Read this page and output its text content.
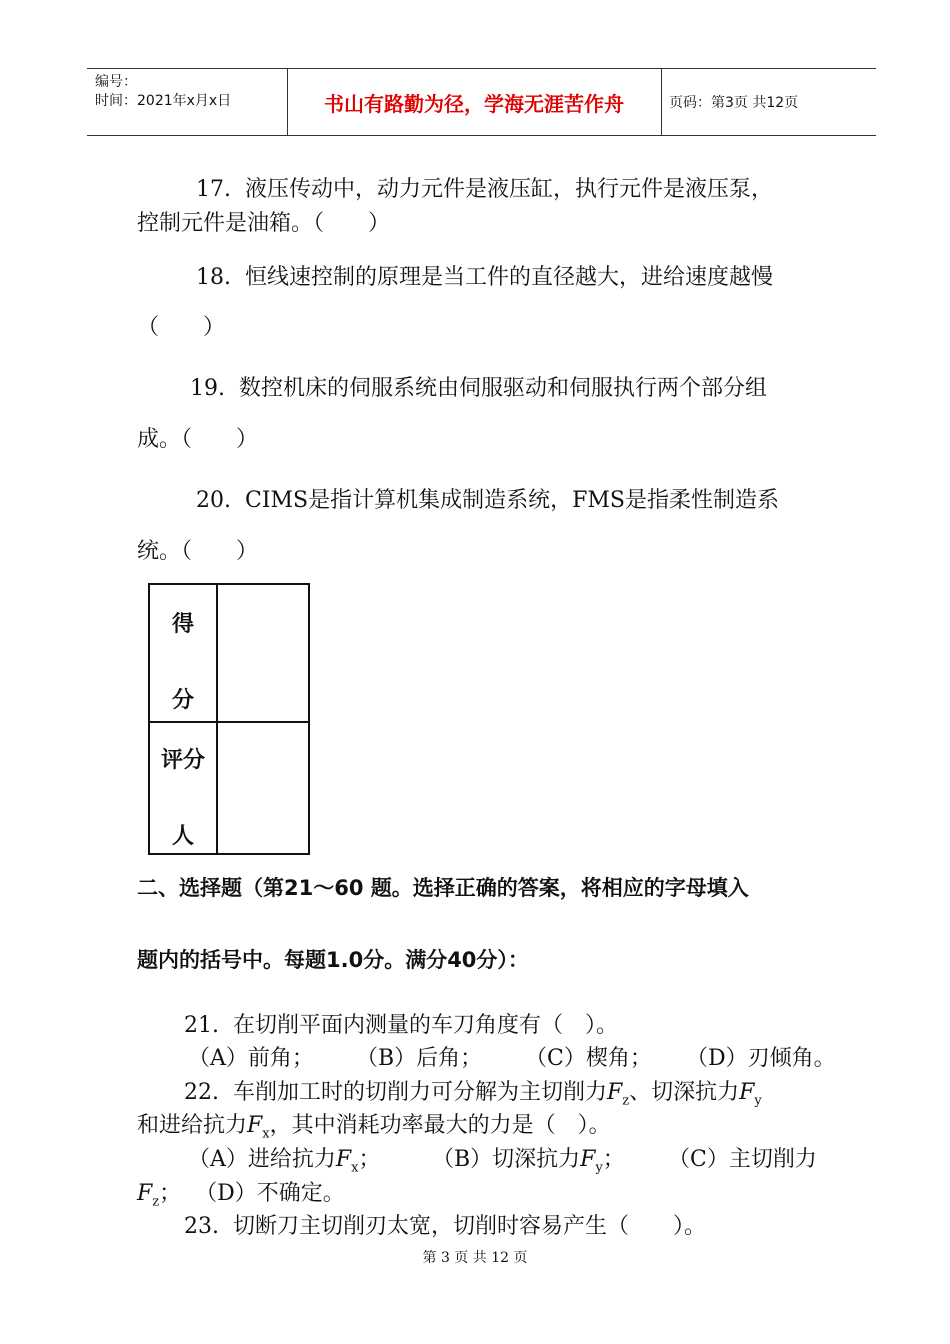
编号：
时间：2021年x月x日	书山有路勤为径，学海无涯苦作舟	页码：第3页 共12页
17. 液压传动中，动力元件是液压缸，执行元件是液压泵，
控制元件是油箱。（　　）
18. 恒线速控制的原理是当工件的直径越大，进给速度越慢
（　　）
19. 数控机床的伺服系统由伺服驱动和伺服执行两个部分组
成。（　　）
20. CIMS是指计算机集成制造系统，FMS是指柔性制造系
统。（　　）
得
分
评分
人
二、选择题（第21～60 题。选择正确的答案，将相应的字母填入
题内的括号中。每题1.0分。满分40分）：
21. 在切削平面内测量的车刀角度有（　）。
（A）前角； （B）后角； （C）楔角； （D）刃倾角。
22. 车削加工时的切削力可分解为主切削力$F_z$、切深抗力$F_y$
和进给抗力$F_x$，其中消耗功率最大的力是（　）。
（A）进给抗力$F_x$； （B）切深抗力$F_y$； （C）主切削力
$F_z$； （D）不确定。
23. 切断刀主切削刃太宽，切削时容易产生（　　）。
第 3 页 共 12 页
